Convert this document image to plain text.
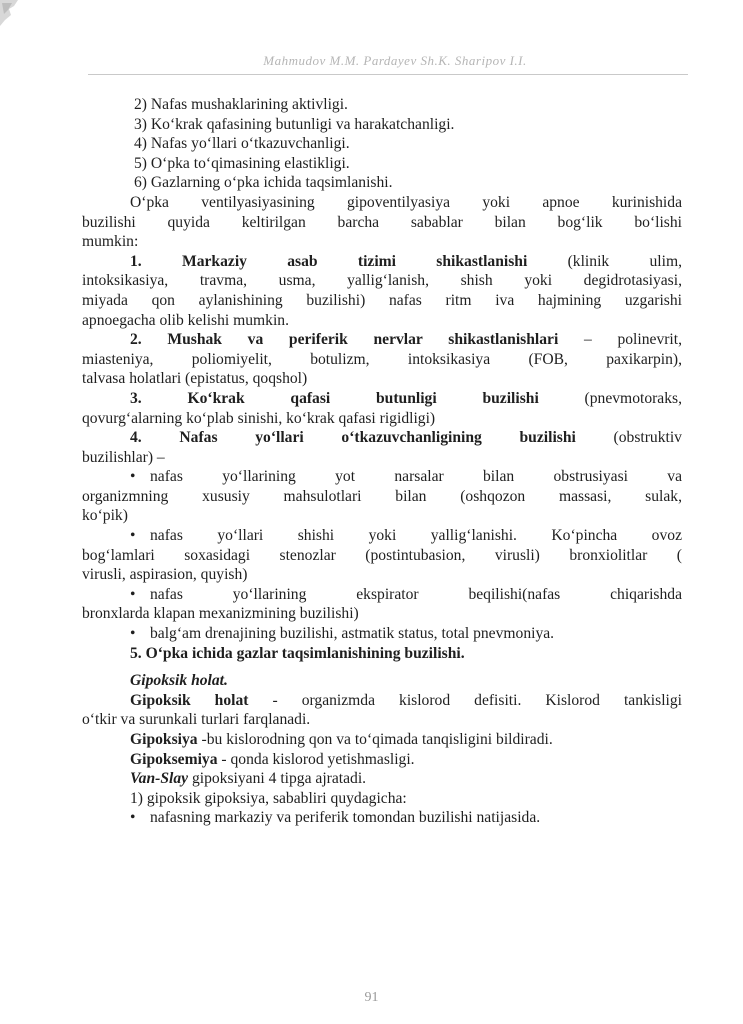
Mahmudov M.M. Pardayev Sh.K. Sharipov I.I.
2) Nafas mushaklarining aktivligi.
3) Ko‘krak qafasining butunligi va harakatchanligi.
4) Nafas yo‘llari o‘tkazuvchanligi.
5) O‘pka to‘qimasining elastikligi.
6) Gazlarning o‘pka ichida taqsimlanishi.
O‘pka ventilyasiyasining gipoventilyasiya yoki apnoe kurinishida
buzilishi quyida keltirilgan barcha sabablar bilan bog‘lik bo‘lishi
mumkin:
1. Markaziy asab tizimi shikastlanishi (klinik ulim,
intoksikasiya, travma, usma, yallig‘lanish, shish yoki degidrotasiyasi,
miyada qon aylanishining buzilishi) nafas ritm iva hajmining uzgarishi
apnoegacha olib kelishi mumkin.
2. Mushak va periferik nervlar shikastlanishlari – polinevrit,
miasteniya, poliomiyelit, botulizm, intoksikasiya (FOB, paxikarpin),
talvasa holatlari (epistatus, qoqshol)
3. Ko‘krak qafasi butunligi buzilishi (pnevmotoraks,
qovurg‘alarning ko‘plab sinishi, ko‘krak qafasi rigidligi)
4. Nafas yo‘llari o‘tkazuvchanligining buzilishi (obstruktiv
buzilishlar) –
• nafas yo‘llarining yot narsalar bilan obstrusiyasi va
organizmning xususiy mahsulotlari bilan (oshqozon massasi, sulak,
ko‘pik)
• nafas yo‘llari shishi yoki yallig‘lanishi. Ko‘pincha ovoz
bog‘lamlari soxasidagi stenozlar (postintubasion, virusli) bronxiolitlar (
virusli, aspirasion, quyish)
• nafas yo‘llarining ekspirator beqilishi(nafas chiqarishda
bronxlarda klapan mexanizmining buzilishi)
• balg‘am drenajining buzilishi, astmatik status, total pnevmoniya.
5. O‘pka ichida gazlar taqsimlanishining buzilishi.
Gipoksik holat.
Gipoksik holat - organizmda kislorod defisiti. Kislorod tankisligi
o‘tkir va surunkali turlari farqlanadi.
Gipoksiya -bu kislorodning qon va to‘qimada tanqisligini bildiradi.
Gipoksemiya - qonda kislorod yetishmasligi.
Van-Slay gipoksiyani 4 tipga ajratadi.
1) gipoksik gipoksiya, sababliri quydagicha:
• nafasning markaziy va periferik tomondan buzilishi natijasida.
91
